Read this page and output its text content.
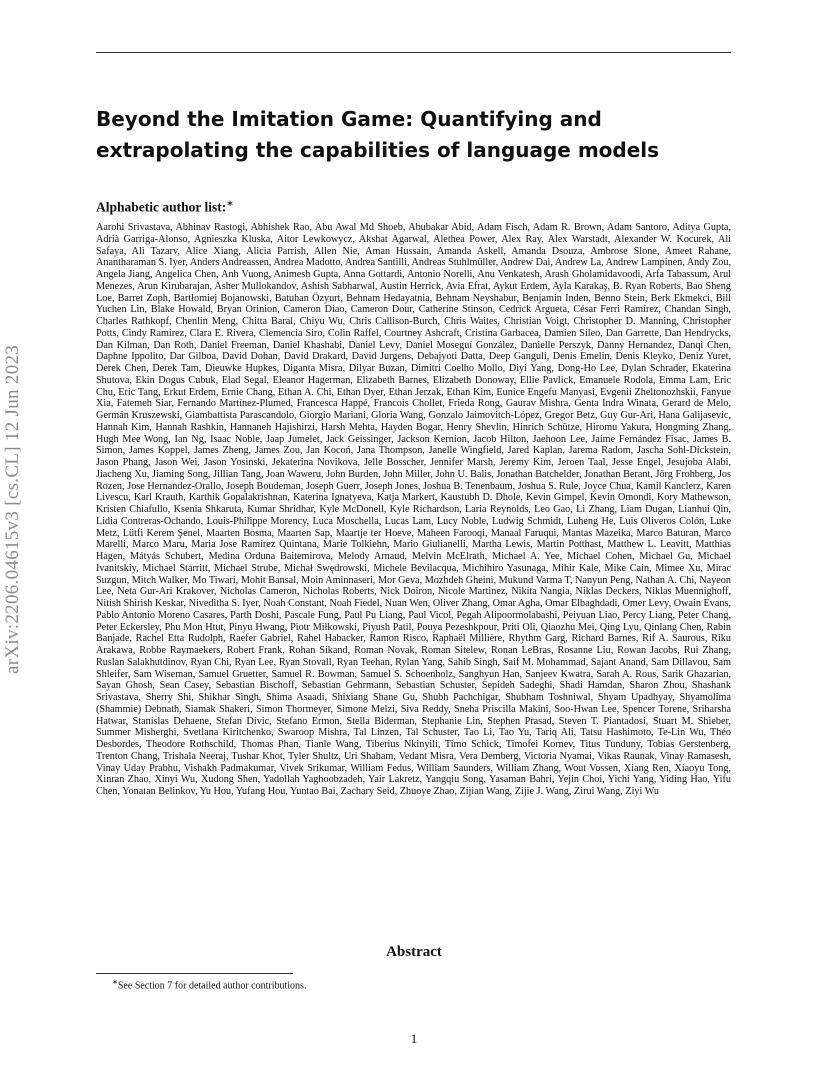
arXiv:2206.04615v3 [cs.CL] 12 Jun 2023
Beyond the Imitation Game: Quantifying and extrapolating the capabilities of language models
Alphabetic author list:∗

Aarohi Srivastava, Abhinav Rastogi, Abhishek Rao, Abu Awal Md Shoeb, Abubakar Abid, Adam Fisch, Adam R. Brown, Adam Santoro, Aditya Gupta, Adrià Garriga-Alonso, Agnieszka Kluska, Aitor Lewkowycz, Akshat Agarwal, Alethea Power, Alex Ray, Alex Warstadt, Alexander W. Kocurek, Ali Safaya, Ali Tazarv, Alice Xiang, Alicia Parrish, Allen Nie, Aman Hussain, Amanda Askell, Amanda Dsouza, Ambrose Slone, Ameet Rahane, Anantharaman S. Iyer, Anders Andreassen, Andrea Madotto, Andrea Santilli, Andreas Stuhlmüller, Andrew Dai, Andrew La, Andrew Lampinen, Andy Zou, Angela Jiang, Angelica Chen, Anh Vuong, Animesh Gupta, Anna Gottardi, Antonio Norelli, Anu Venkatesh, Arash Gholamidavoodi, Arfa Tabassum, Arul Menezes, Arun Kirubarajan, Asher Mullokandov, Ashish Sabharwal, Austin Herrick, Avia Efrat, Aykut Erdem, Ayla Karakaş, B. Ryan Roberts, Bao Sheng Loe, Barret Zoph, Bartłomiej Bojanowski, Batuhan Özyurt, Behnam Hedayatnia, Behnam Neyshabur, Benjamin Inden, Benno Stein, Berk Ekmekci, Bill Yuchen Lin, Blake Howald, Bryan Orinion, Cameron Diao, Cameron Dour, Catherine Stinson, Cedrick Argueta, César Ferri Ramírez, Chandan Singh, Charles Rathkopf, Chenlin Meng, Chitta Baral, Chiyu Wu, Chris Callison-Burch, Chris Waites, Christian Voigt, Christopher D. Manning, Christopher Potts, Cindy Ramirez, Clara E. Rivera, Clemencia Siro, Colin Raffel, Courtney Ashcraft, Cristina Garbacea, Damien Sileo, Dan Garrette, Dan Hendrycks, Dan Kilman, Dan Roth, Daniel Freeman, Daniel Khashabi, Daniel Levy, Daniel Moseguí González, Danielle Perszyk, Danny Hernandez, Danqi Chen, Daphne Ippolito, Dar Gilboa, David Dohan, David Drakard, David Jurgens, Debajyoti Datta, Deep Ganguli, Denis Emelin, Denis Kleyko, Deniz Yuret, Derek Chen, Derek Tam, Dieuwke Hupkes, Diganta Misra, Dilyar Buzan, Dimitri Coelho Mollo, Diyi Yang, Dong-Ho Lee, Dylan Schrader, Ekaterina Shutova, Ekin Dogus Cubuk, Elad Segal, Eleanor Hagerman, Elizabeth Barnes, Elizabeth Donoway, Ellie Pavlick, Emanuele Rodola, Emma Lam, Eric Chu, Eric Tang, Erkut Erdem, Ernie Chang, Ethan A. Chi, Ethan Dyer, Ethan Jerzak, Ethan Kim, Eunice Engefu Manyasi, Evgenii Zheltonozhskii, Fanyue Xia, Fatemeh Siar, Fernando Martínez-Plumed, Francesca Happé, Francois Chollet, Frieda Rong, Gaurav Mishra, Genta Indra Winata, Gerard de Melo, Germán Kruszewski, Giambattista Parascandolo, Giorgio Mariani, Gloria Wang, Gonzalo Jaimovitch-López, Gregor Betz, Guy Gur-Ari, Hana Galijasevic, Hannah Kim, Hannah Rashkin, Hannaneh Hajishirzi, Harsh Mehta, Hayden Bogar, Henry Shevlin, Hinrich Schütze, Hiromu Yakura, Hongming Zhang, Hugh Mee Wong, Ian Ng, Isaac Noble, Jaap Jumelet, Jack Geissinger, Jackson Kernion, Jacob Hilton, Jaehoon Lee, Jaime Fernández Fisac, James B. Simon, James Koppel, James Zheng, James Zou, Jan Kocoń, Jana Thompson, Janelle Wingfield, Jared Kaplan, Jarema Radom, Jascha Sohl-Dickstein, Jason Phang, Jason Wei, Jason Yosinski, Jekaterina Novikova, Jelle Bosscher, Jennifer Marsh, Jeremy Kim, Jeroen Taal, Jesse Engel, Jesujoba Alabi, Jiacheng Xu, Jiaming Song, Jillian Tang, Joan Waweru, John Burden, John Miller, John U. Balis, Jonathan Batchelder, Jonathan Berant, Jörg Frohberg, Jos Rozen, Jose Hernandez-Orallo, Joseph Boudeman, Joseph Guerr, Joseph Jones, Joshua B. Tenenbaum, Joshua S. Rule, Joyce Chua, Kamil Kanclerz, Karen Livescu, Karl Krauth, Karthik Gopalakrishnan, Katerina Ignatyeva, Katja Markert, Kaustubh D. Dhole, Kevin Gimpel, Kevin Omondi, Kory Mathewson, Kristen Chiafullo, Ksenia Shkaruta, Kumar Shridhar, Kyle McDonell, Kyle Richardson, Laria Reynolds, Leo Gao, Li Zhang, Liam Dugan, Lianhui Qin, Lidia Contreras-Ochando, Louis-Philippe Morency, Luca Moschella, Lucas Lam, Lucy Noble, Ludwig Schmidt, Luheng He, Luis Oliveros Colón, Luke Metz, Lütfi Kerem Şenel, Maarten Bosma, Maarten Sap, Maartje ter Hoeve, Maheen Farooqi, Manaal Faruqui, Mantas Mazeika, Marco Baturan, Marco Marelli, Marco Maru, Maria Jose Ramírez Quintana, Marie Tolkiehn, Mario Giulianelli, Martha Lewis, Martin Potthast, Matthew L. Leavitt, Matthias Hagen, Mátyás Schubert, Medina Orduna Baitemirova, Melody Arnaud, Melvin McElrath, Michael A. Yee, Michael Cohen, Michael Gu, Michael Ivanitskiy, Michael Starritt, Michael Strube, Michał Swędrowski, Michele Bevilacqua, Michihiro Yasunaga, Mihir Kale, Mike Cain, Mimee Xu, Mirac Suzgun, Mitch Walker, Mo Tiwari, Mohit Bansal, Moin Aminnaseri, Mor Geva, Mozhdeh Gheini, Mukund Varma T, Nanyun Peng, Nathan A. Chi, Nayeon Lee, Neta Gur-Ari Krakover, Nicholas Cameron, Nicholas Roberts, Nick Doiron, Nicole Martinez, Nikita Nangia, Niklas Deckers, Niklas Muennighoff, Nitish Shirish Keskar, Niveditha S. Iyer, Noah Constant, Noah Fiedel, Nuan Wen, Oliver Zhang, Omar Agha, Omar Elbaghdadi, Omer Levy, Owain Evans, Pablo Antonio Moreno Casares, Parth Doshi, Pascale Fung, Paul Pu Liang, Paul Vicol, Pegah Alipoormolabashi, Peiyuan Liao, Percy Liang, Peter Chang, Peter Eckersley, Phu Mon Htut, Pinyu Hwang, Piotr Miłkowski, Piyush Patil, Pouya Pezeshkpour, Priti Oli, Qiaozhu Mei, Qing Lyu, Qinlang Chen, Rabin Banjade, Rachel Etta Rudolph, Raefer Gabriel, Rahel Habacker, Ramon Risco, Raphaël Millière, Rhythm Garg, Richard Barnes, Rif A. Saurous, Riku Arakawa, Robbe Raymaekers, Robert Frank, Rohan Sikand, Roman Novak, Roman Sitelew, Ronan LeBras, Rosanne Liu, Rowan Jacobs, Rui Zhang, Ruslan Salakhutdinov, Ryan Chi, Ryan Lee, Ryan Stovall, Ryan Teehan, Rylan Yang, Sahib Singh, Saif M. Mohammad, Sajant Anand, Sam Dillavou, Sam Shleifer, Sam Wiseman, Samuel Gruetter, Samuel R. Bowman, Samuel S. Schoenholz, Sanghyun Han, Sanjeev Kwatra, Sarah A. Rous, Sarik Ghazarian, Sayan Ghosh, Sean Casey, Sebastian Bischoff, Sebastian Gehrmann, Sebastian Schuster, Sepideh Sadeghi, Shadi Hamdan, Sharon Zhou, Shashank Srivastava, Sherry Shi, Shikhar Singh, Shima Asaadi, Shixiang Shane Gu, Shubh Pachchigar, Shubham Toshniwal, Shyam Upadhyay, Shyamolima (Shammie) Debnath, Siamak Shakeri, Simon Thormeyer, Simone Melzi, Siva Reddy, Sneha Priscilla Makini, Soo-Hwan Lee, Spencer Torene, Sriharsha Hatwar, Stanislas Dehaene, Stefan Divic, Stefano Ermon, Stella Biderman, Stephanie Lin, Stephen Prasad, Steven T. Piantadosi, Stuart M. Shieber, Summer Misherghi, Svetlana Kiritchenko, Swaroop Mishra, Tal Linzen, Tal Schuster, Tao Li, Tao Yu, Tariq Ali, Tatsu Hashimoto, Te-Lin Wu, Théo Desbordes, Theodore Rothschild, Thomas Phan, Tianle Wang, Tiberius Nkinyili, Timo Schick, Timofei Kornev, Titus Tunduny, Tobias Gerstenberg, Trenton Chang, Trishala Neeraj, Tushar Khot, Tyler Shultz, Uri Shaham, Vedant Misra, Vera Demberg, Victoria Nyamai, Vikas Raunak, Vinay Ramasesh, Vinay Uday Prabhu, Vishakh Padmakumar, Vivek Srikumar, William Fedus, William Saunders, William Zhang, Wout Vossen, Xiang Ren, Xiaoyu Tong, Xinran Zhao, Xinyi Wu, Xudong Shen, Yadollah Yaghoobzadeh, Yair Lakretz, Yangqiu Song, Yasaman Bahri, Yejin Choi, Yichi Yang, Yiding Hao, Yifu Chen, Yonatan Belinkov, Yu Hou, Yufang Hou, Yuntao Bai, Zachary Seid, Zhuoye Zhao, Zijian Wang, Zijie J. Wang, Zirui Wang, Ziyi Wu

Abstract
∗See Section 7 for detailed author contributions.
1
